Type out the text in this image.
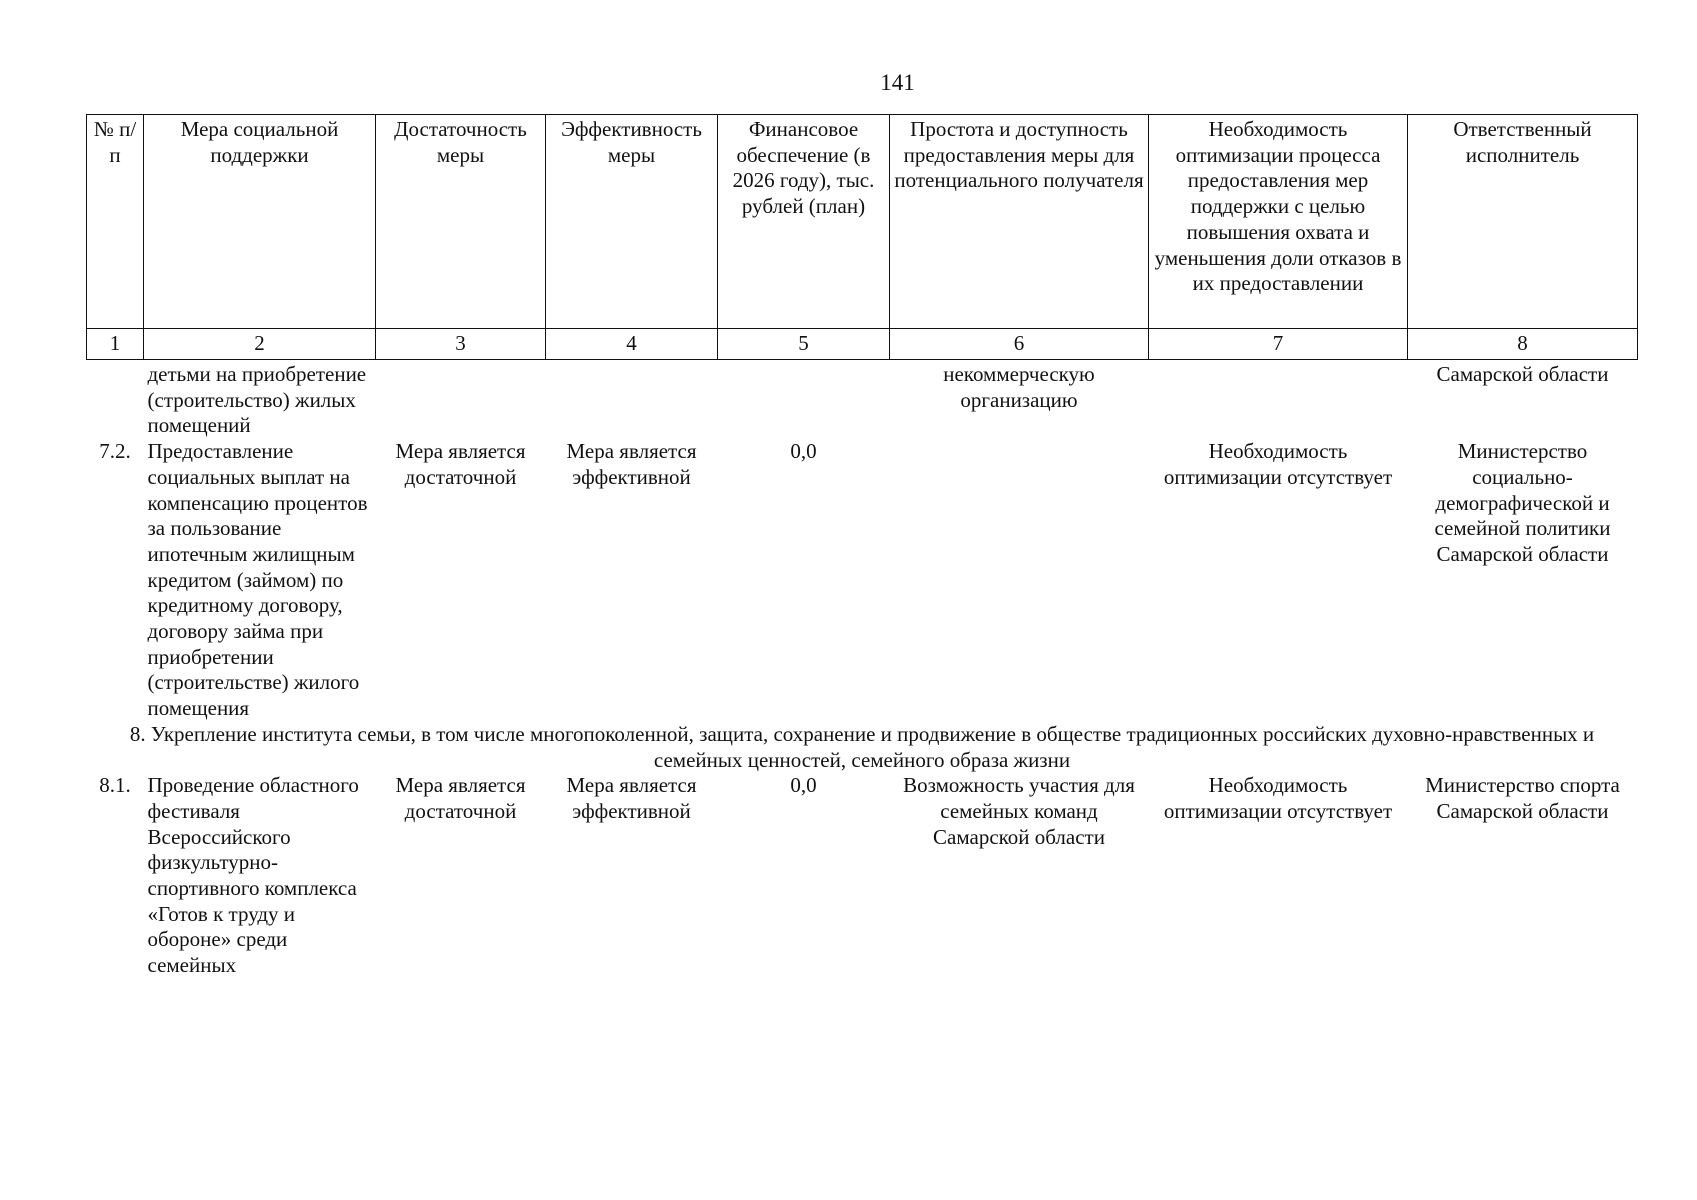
141
№ п/п	Мера социальной поддержки	Достаточность меры	Эффективность меры	Финансовое обеспечение (в 2026 году), тыс. рублей (план)	Простота и доступность предоставления меры для потенциального получателя	Необходимость оптимизации процесса предоставления мер поддержки с целью повышения охвата и уменьшения доли отказов в их предоставлении	Ответственный исполнитель
1	2	3	4	5	6	7	8
	детьми на приобретение (строительство) жилых помещений				некоммерческую организацию		Самарской области
7.2.	Предоставление социальных выплат на компенсацию процентов за пользование ипотечным жилищным кредитом (займом) по кредитному договору, договору займа при приобретении (строительстве) жилого помещения	Мера является достаточной	Мера является эффективной	0,0		Необходимость оптимизации отсутствует	Министерство социально-демографической и семейной политики Самарской области
8. Укрепление института семьи, в том числе многопоколенной, защита, сохранение и продвижение в обществе традиционных российских духовно-нравственных и семейных ценностей, семейного образа жизни							
8.1.	Проведение областного фестиваля Всероссийского физкультурно-спортивного комплекса «Готов к труду и обороне» среди семейных	Мера является достаточной	Мера является эффективной	0,0	Возможность участия для семейных команд Самарской области	Необходимость оптимизации отсутствует	Министерство спорта Самарской области
